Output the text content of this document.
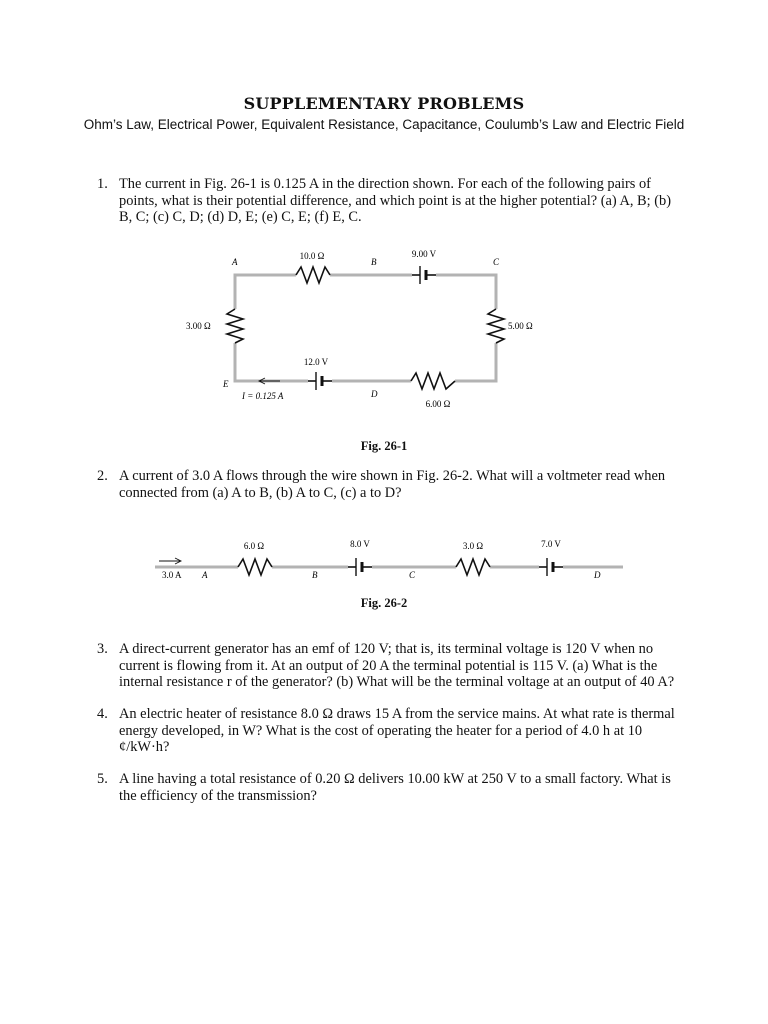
SUPPLEMENTARY PROBLEMS
Ohm’s Law, Electrical Power, Equivalent Resistance, Capacitance, Coulumb’s Law and Electric Field
1. The current in Fig. 26-1 is 0.125 A in the direction shown. For each of the following pairs of points, what is their potential difference, and which point is at the higher potential? (a) A, B; (b) B, C; (c) C, D; (d) D, E; (e) C, E; (f) E, C.
10.0 Ω	9.00 V
3.00 Ω	5.00 Ω
12.0 V
6.00 Ω
I = 0.125 A
A	B	C
D
E
Fig. 26-1
2. A current of 3.0 A flows through the wire shown in Fig. 26-2. What will a voltmeter read when connected from (a) A to B, (b) A to C, (c) a to D?
3.0 A
6.0 Ω	8.0 V	3.0 Ω	7.0 V
A	B	C	D
Fig. 26-2
3. A direct-current generator has an emf of 120 V; that is, its terminal voltage is 120 V when no current is flowing from it. At an output of 20 A the terminal potential is 115 V. (a) What is the internal resistance r of the generator? (b) What will be the terminal voltage at an output of 40 A?
4. An electric heater of resistance 8.0 Ω draws 15 A from the service mains. At what rate is thermal energy developed, in W? What is the cost of operating the heater for a period of 4.0 h at 10 ¢/kW·h?
5. A line having a total resistance of 0.20 Ω delivers 10.00 kW at 250 V to a small factory. What is the efficiency of the transmission?
